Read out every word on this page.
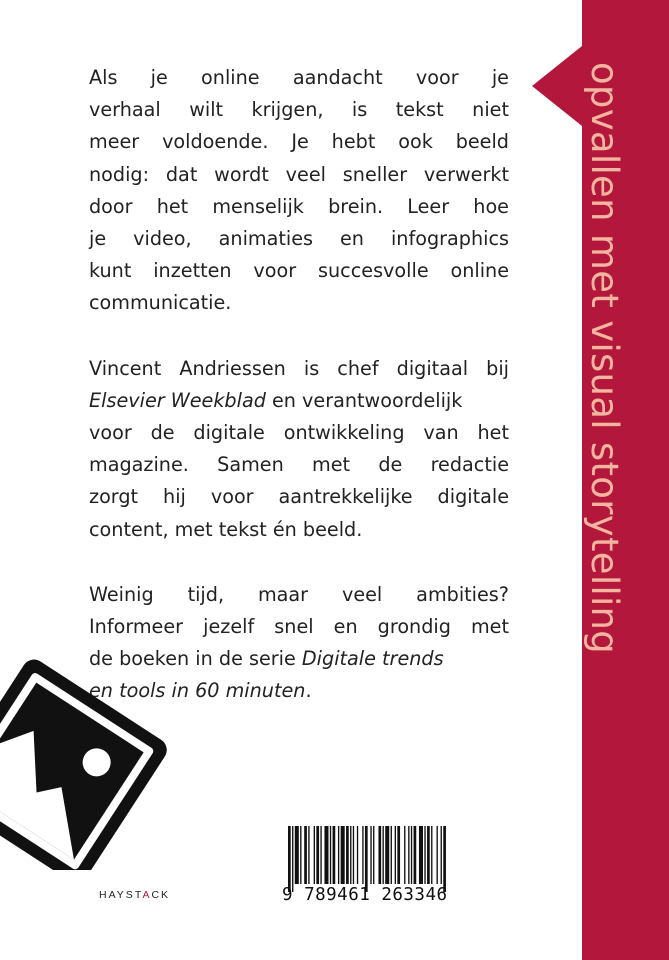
opvallen met visual storytelling

Als je online aandacht voor je
verhaal wilt krijgen, is tekst niet
meer voldoende. Je hebt ook beeld
nodig: dat wordt veel sneller verwerkt
door het menselijk brein. Leer hoe
je video, animaties en infographics
kunt inzetten voor succesvolle online
communicatie.

Vincent Andriessen is chef digitaal bij
Elsevier Weekblad en verantwoordelijk
voor de digitale ontwikkeling van het
magazine. Samen met de redactie
zorgt hij voor aantrekkelijke digitale
content, met tekst én beeld.

Weinig tijd, maar veel ambities?
Informeer jezelf snel en grondig met
de boeken in de serie Digitale trends
en tools in 60 minuten.

HAYSTACK	9 789461 263346
